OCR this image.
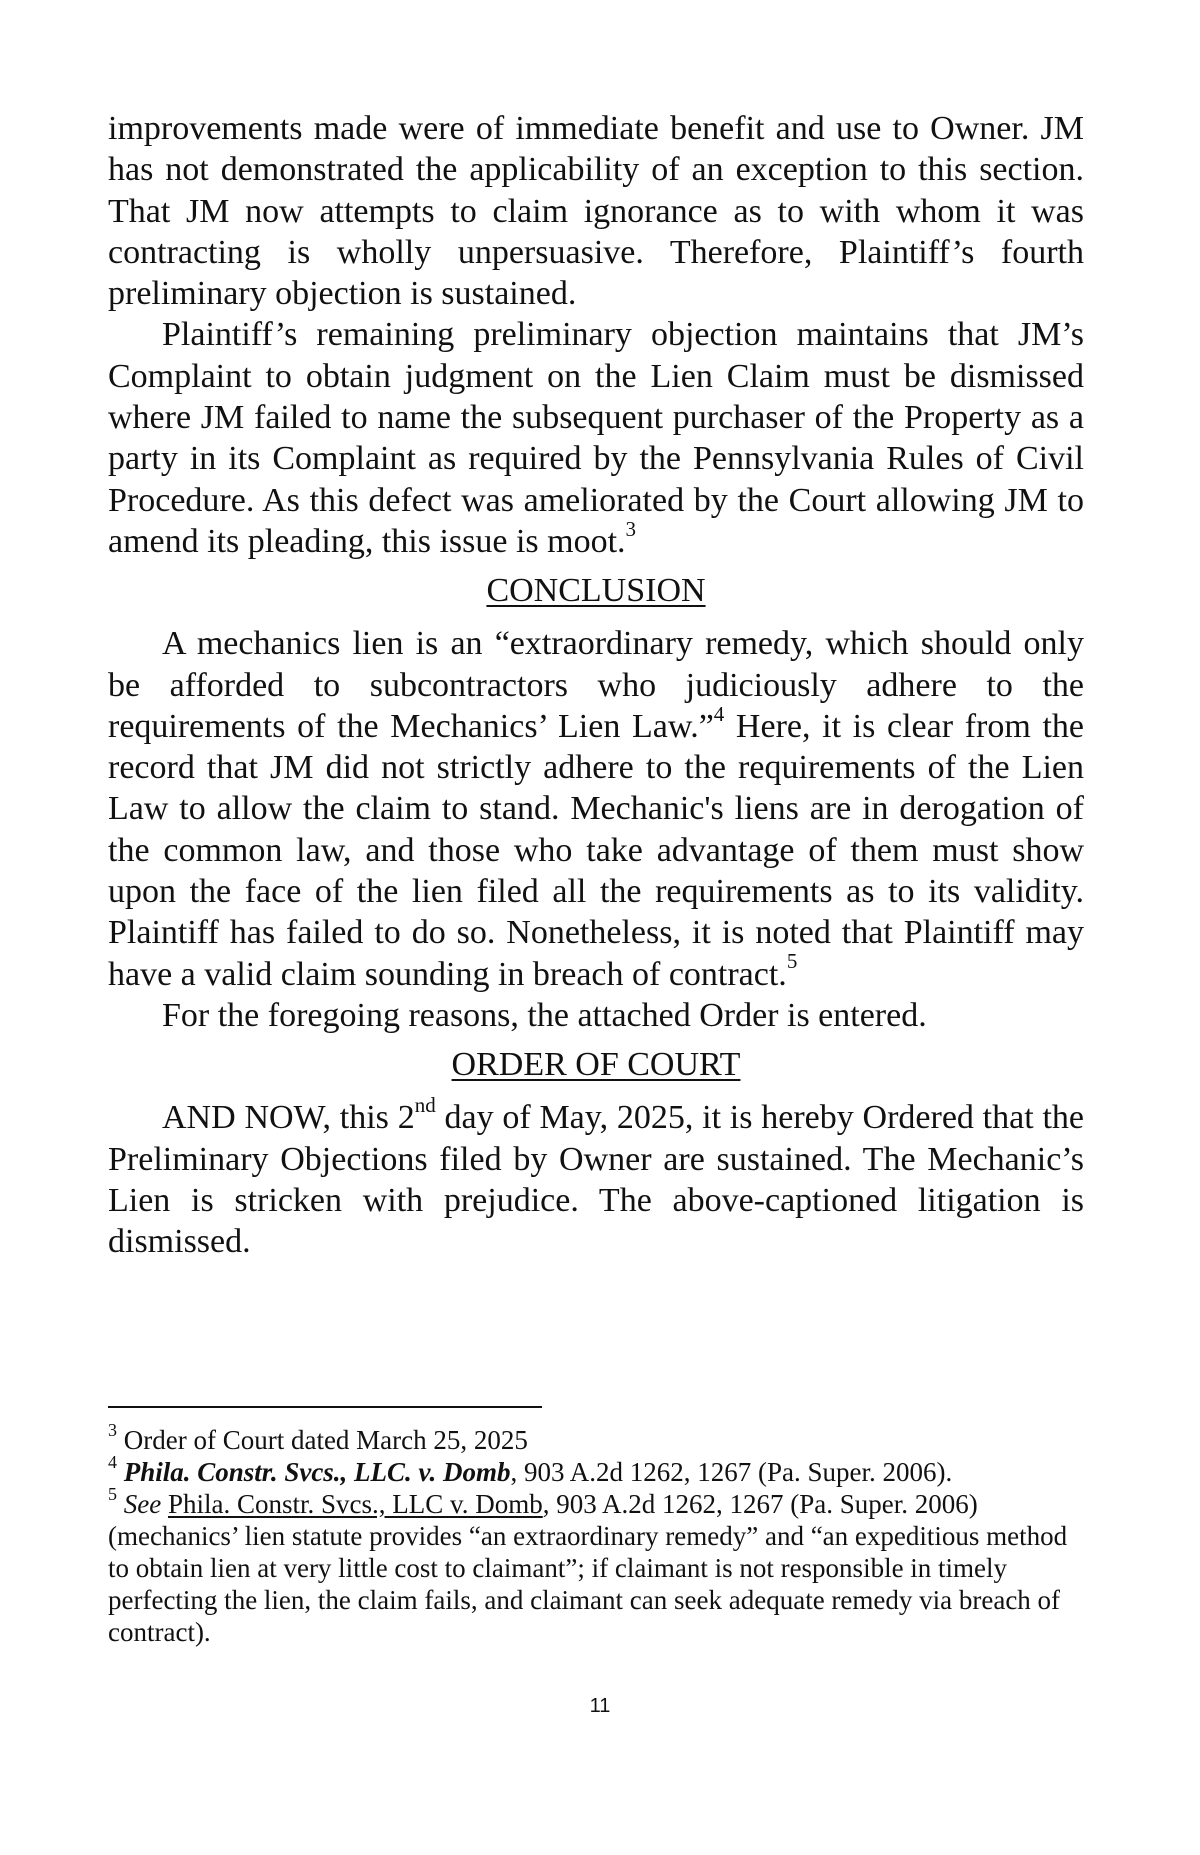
improvements made were of immediate benefit and use to Owner. JM has not demonstrated the applicability of an exception to this section. That JM now attempts to claim ignorance as to with whom it was contracting is wholly unpersuasive. Therefore, Plaintiff’s fourth preliminary objection is sustained.

Plaintiff’s remaining preliminary objection maintains that JM’s Complaint to obtain judgment on the Lien Claim must be dismissed where JM failed to name the subsequent purchaser of the Property as a party in its Complaint as required by the Pennsylvania Rules of Civil Procedure. As this defect was ameliorated by the Court allowing JM to amend its pleading, this issue is moot.$^3$

CONCLUSION

A mechanics lien is an “extraordinary remedy, which should only be afforded to subcontractors who judiciously adhere to the requirements of the Mechanics’ Lien Law.”$^4$ Here, it is clear from the record that JM did not strictly adhere to the requirements of the Lien Law to allow the claim to stand. Mechanic's liens are in derogation of the common law, and those who take advantage of them must show upon the face of the lien filed all the requirements as to its validity. Plaintiff has failed to do so. Nonetheless, it is noted that Plaintiff may have a valid claim sounding in breach of contract.$^5$

For the foregoing reasons, the attached Order is entered.

ORDER OF COURT

AND NOW, this 2nd day of May, 2025, it is hereby Ordered that the Preliminary Objections filed by Owner are sustained. The Mechanic’s Lien is stricken with prejudice. The above-captioned litigation is dismissed.

$^3$ Order of Court dated March 25, 2025

$^4$ Phila. Constr. Svcs., LLC. v. Domb, 903 A.2d 1262, 1267 (Pa. Super. 2006).

$^5$ See Phila. Constr. Svcs., LLC v. Domb, 903 A.2d 1262, 1267 (Pa. Super. 2006) (mechanics’ lien statute provides “an extraordinary remedy” and “an expeditious method to obtain lien at very little cost to claimant”; if claimant is not responsible in timely perfecting the lien, the claim fails, and claimant can seek adequate remedy via breach of contract).

11
